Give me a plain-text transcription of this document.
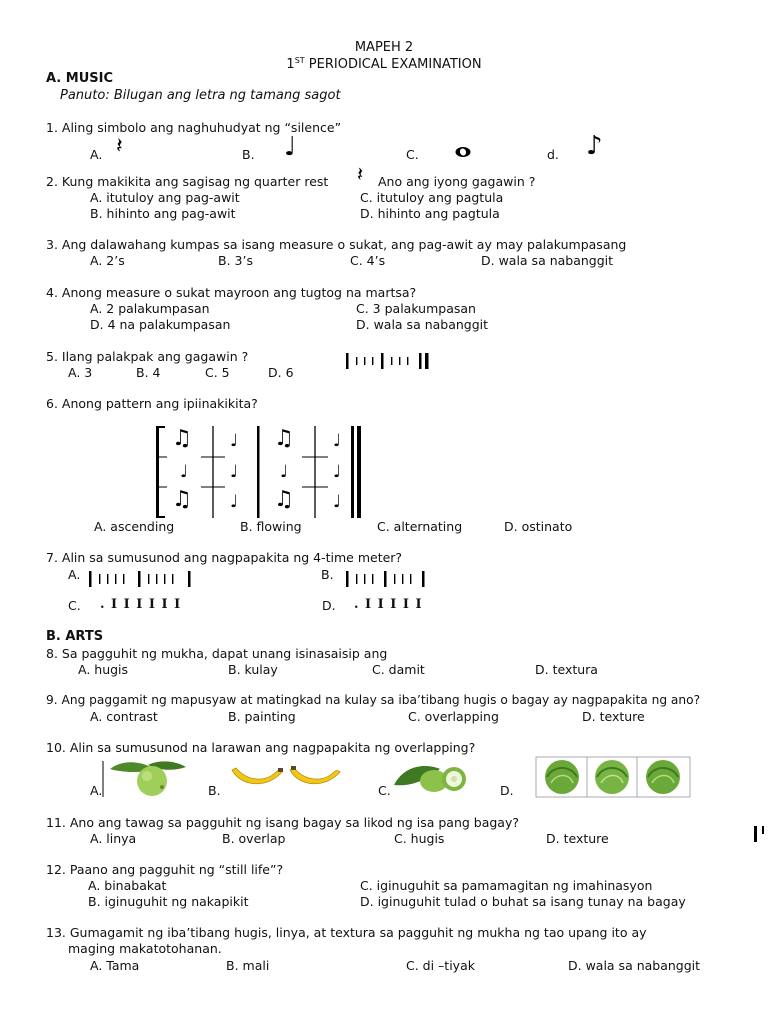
MAPEH 2
1ST PERIODICAL EXAMINATION
A. MUSIC
Panuto: Bilugan ang letra ng tamang sagot
1. Aling simbolo ang naghuhudyat ng “silence”
A. 𝄽	B. ♩	C.	d. ♪
2. Kung makikita ang sagisag ng quarter rest 𝄽 Ano ang iyong gagawin ?
A. itutuloy ang pag-awit	C. itutuloy ang pagtula
B. hihinto ang pag-awit	D. hihinto ang pagtula
3. Ang dalawahang kumpas sa isang measure o sukat, ang pag-awit ay may palakumpasang
A. 2’s	B. 3’s	C. 4’s	D. wala sa nabanggit
4. Anong measure o sukat mayroon ang tugtog na martsa?
A. 2 palakumpasan	C. 3 palakumpasan
D. 4 na palakumpasan	D. wala sa nabanggit
5. Ilang palakpak ang gagawin ?
A. 3	B. 4	C. 5	D. 6
6. Anong pattern ang ipiinakikita?
♫ ♩ ♫ ♩
♩ ♩ ♩	♩
♫ ♩ ♫ ♩
A. ascending	B. flowing	C. alternating	D. ostinato
7. Alin sa sumusunod ang nagpapakita ng 4-time meter?
A.	B.
C. . I I I I I I	D. . I I I I I
B. ARTS
8. Sa pagguhit ng mukha, dapat unang isinasaisip ang
A. hugis	B. kulay	C. damit	D. textura
9. Ang paggamit ng mapusyaw at matingkad na kulay sa iba’tibang hugis o bagay ay nagpapakita ng ano?
A. contrast	B. painting	C. overlapping	D. texture
10. Alin sa sumusunod na larawan ang nagpapakita ng overlapping?
A.	B.	C.	D.
11. Ano ang tawag sa pagguhit ng isang bagay sa likod ng isa pang bagay?
A. linya	B. overlap	C. hugis	D. texture
12. Paano ang pagguhit ng “still life”?
A. binabakat	C. iginuguhit sa pamamagitan ng imahinasyon
B. iginuguhit ng nakapikit	D. iginuguhit tulad o buhat sa isang tunay na bagay
13. Gumagamit ng iba’tibang hugis, linya, at textura sa pagguhit ng mukha ng tao upang ito ay
maging makatotohanan.
A. Tama	B. mali	C. di –tiyak	D. wala sa nabanggit
